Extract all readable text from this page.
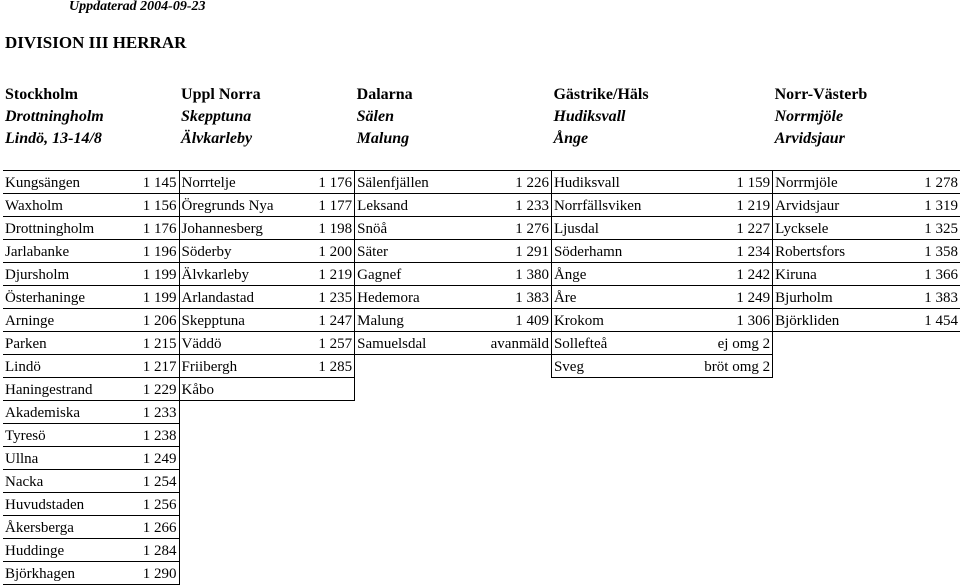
Uppdaterad 2004-09-23
DIVISION III HERRAR
Stockholm		Uppl Norra		Dalarna		Gästrike/Häls		Norr-Västerb	
Drottningholm		Skepptuna		Sälen		Hudiksvall		Norrmjöle	
Lindö, 13-14/8		Älvkarleby		Malung		Ånge		Arvidsjaur	

Kungsängen	1 145	Norrtelje	1 176	Sälenfjällen	1 226	Hudiksvall	1 159	Norrmjöle	1 278
Waxholm	1 156	Öregrunds Nya	1 177	Leksand	1 233	Norrfällsviken	1 219	Arvidsjaur	1 319
Drottningholm	1 176	Johannesberg	1 198	Snöå	1 276	Ljusdal	1 227	Lycksele	1 325
Jarlabanke	1 196	Söderby	1 200	Säter	1 291	Söderhamn	1 234	Robertsfors	1 358
Djursholm	1 199	Älvkarleby	1 219	Gagnef	1 380	Ånge	1 242	Kiruna	1 366
Österhaninge	1 199	Arlandastad	1 235	Hedemora	1 383	Åre	1 249	Bjurholm	1 383
Arninge	1 206	Skepptuna	1 247	Malung	1 409	Krokom	1 306	Björkliden	1 454
Parken	1 215	Väddö	1 257	Samuelsdal	avanmäld	Sollefteå	ej omg 2		
Lindö	1 217	Friibergh	1 285			Sveg	bröt omg 2		
Haningestrand	1 229	Kåbo							
Akademiska	1 233								
Tyresö	1 238								
Ullna	1 249								
Nacka	1 254								
Huvudstaden	1 256								
Åkersberga	1 266								
Huddinge	1 284								
Björkhagen	1 290								
